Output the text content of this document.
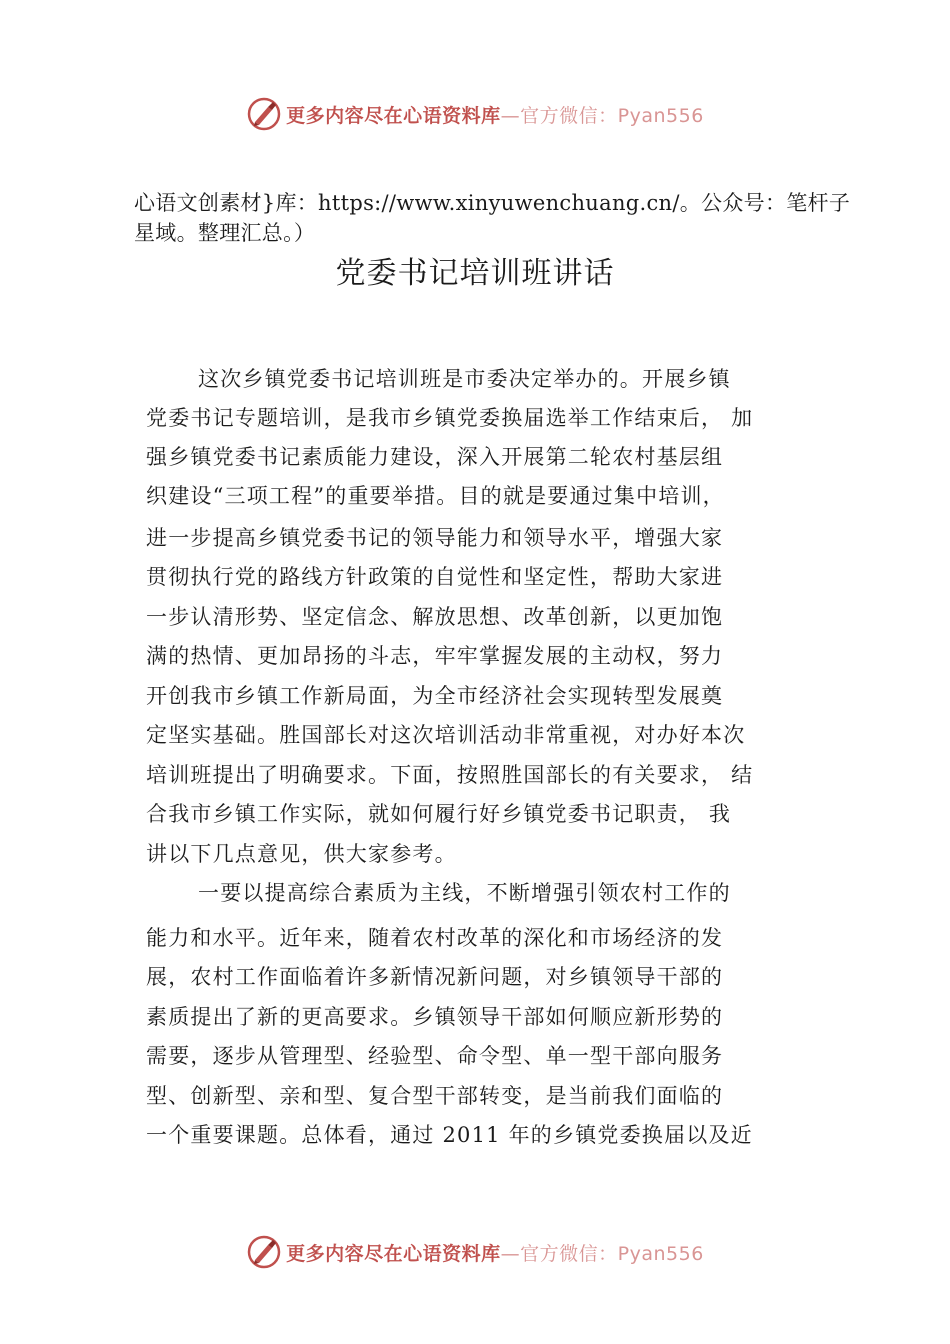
更多内容尽在心语资料库—官方微信：Pyan556
心语文创素材}库：https://www.xinyuwenchuang.cn/。公众号：笔杆子星域。整理汇总。）
党委书记培训班讲话
这次乡镇党委书记培训班是市委决定举办的。开展乡镇
党委书记专题培训，是我市乡镇党委换届选举工作结束后， 加
强乡镇党委书记素质能力建设，深入开展第二轮农村基层组
织建设“三项工程”的重要举措。目的就是要通过集中培训，
进一步提高乡镇党委书记的领导能力和领导水平，增强大家
贯彻执行党的路线方针政策的自觉性和坚定性，帮助大家进
一步认清形势、坚定信念、解放思想、改革创新，以更加饱
满的热情、更加昂扬的斗志，牢牢掌握发展的主动权，努力
开创我市乡镇工作新局面，为全市经济社会实现转型发展奠
定坚实基础。胜国部长对这次培训活动非常重视，对办好本次
培训班提出了明确要求。下面，按照胜国部长的有关要求， 结
合我市乡镇工作实际，就如何履行好乡镇党委书记职责， 我
讲以下几点意见，供大家参考。
一要以提高综合素质为主线，不断增强引领农村工作的
能力和水平。近年来，随着农村改革的深化和市场经济的发
展，农村工作面临着许多新情况新问题，对乡镇领导干部的
素质提出了新的更高要求。乡镇领导干部如何顺应新形势的
需要，逐步从管理型、经验型、命令型、单一型干部向服务
型、创新型、亲和型、复合型干部转变，是当前我们面临的
一个重要课题。总体看，通过 2011 年的乡镇党委换届以及近
更多内容尽在心语资料库—官方微信：Pyan556
